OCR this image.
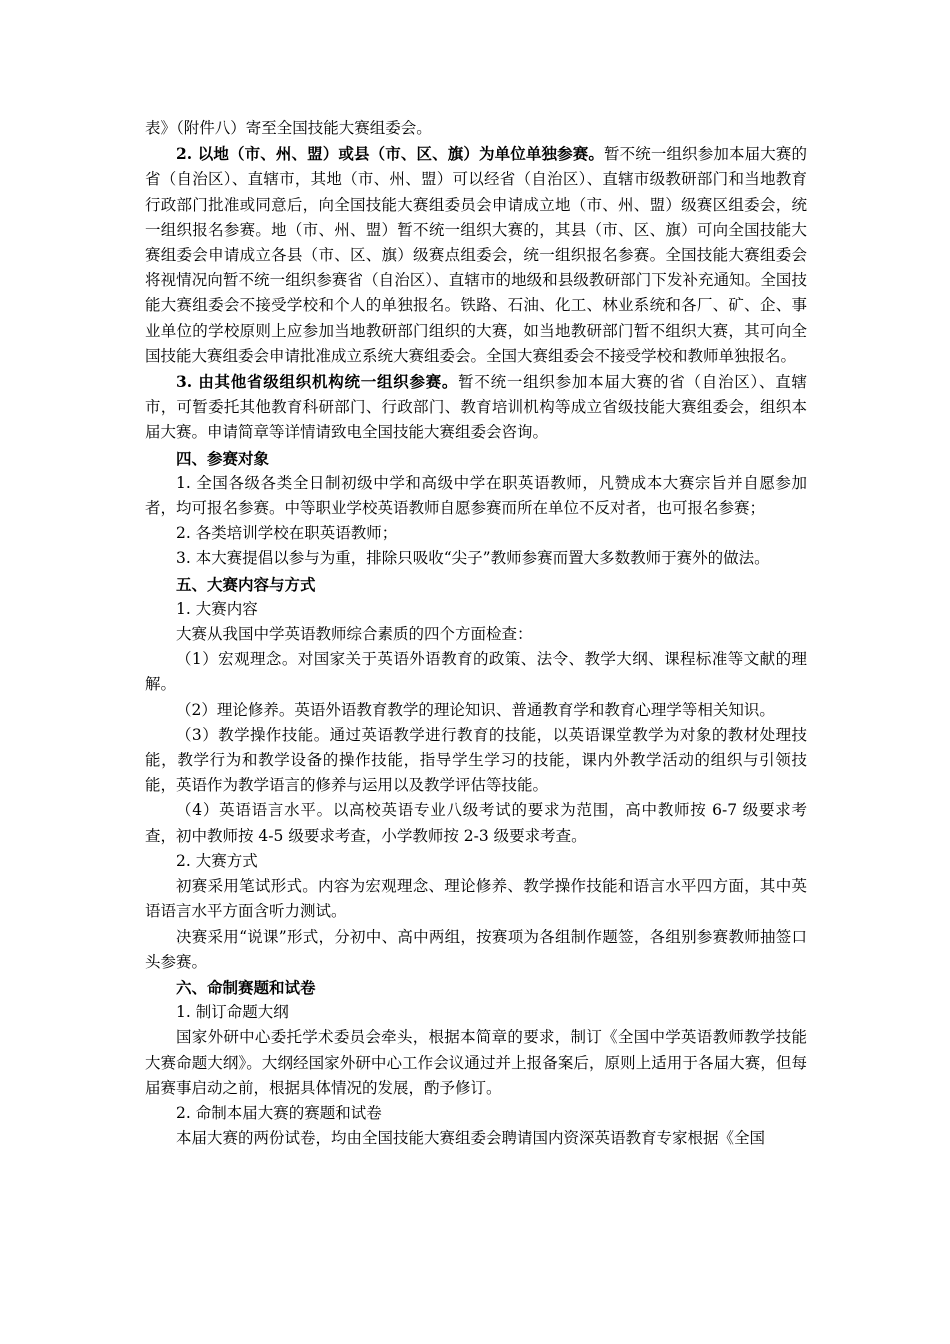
表》（附件八）寄至全国技能大赛组委会。

2. 以地（市、州、盟）或县（市、区、旗）为单位单独参赛。暂不统一组织参加本届大赛的省（自治区）、直辖市，其地（市、州、盟）可以经省（自治区）、直辖市级教研部门和当地教育行政部门批准或同意后，向全国技能大赛组委员会申请成立地（市、州、盟）级赛区组委会，统一组织报名参赛。地（市、州、盟）暂不统一组织大赛的，其县（市、区、旗）可向全国技能大赛组委会申请成立各县（市、区、旗）级赛点组委会，统一组织报名参赛。全国技能大赛组委会将视情况向暂不统一组织参赛省（自治区）、直辖市的地级和县级教研部门下发补充通知。全国技能大赛组委会不接受学校和个人的单独报名。铁路、石油、化工、林业系统和各厂、矿、企、事业单位的学校原则上应参加当地教研部门组织的大赛，如当地教研部门暂不组织大赛，其可向全国技能大赛组委会申请批准成立系统大赛组委会。全国大赛组委会不接受学校和教师单独报名。

3. 由其他省级组织机构统一组织参赛。暂不统一组织参加本届大赛的省（自治区）、直辖市，可暂委托其他教育科研部门、行政部门、教育培训机构等成立省级技能大赛组委会，组织本届大赛。申请简章等详情请致电全国技能大赛组委会咨询。

四、参赛对象

1. 全国各级各类全日制初级中学和高级中学在职英语教师，凡赞成本大赛宗旨并自愿参加者，均可报名参赛。中等职业学校英语教师自愿参赛而所在单位不反对者，也可报名参赛；

2. 各类培训学校在职英语教师；

3. 本大赛提倡以参与为重，排除只吸收“尖子”教师参赛而置大多数教师于赛外的做法。

五、大赛内容与方式

1. 大赛内容

大赛从我国中学英语教师综合素质的四个方面检查：

（1）宏观理念。对国家关于英语外语教育的政策、法令、教学大纲、课程标准等文献的理解。

（2）理论修养。英语外语教育教学的理论知识、普通教育学和教育心理学等相关知识。

（3）教学操作技能。通过英语教学进行教育的技能，以英语课堂教学为对象的教材处理技能，教学行为和教学设备的操作技能，指导学生学习的技能，课内外教学活动的组织与引领技能，英语作为教学语言的修养与运用以及教学评估等技能。

（4）英语语言水平。以高校英语专业八级考试的要求为范围，高中教师按 6-7 级要求考查，初中教师按 4-5 级要求考查，小学教师按 2-3 级要求考查。

2. 大赛方式

初赛采用笔试形式。内容为宏观理念、理论修养、教学操作技能和语言水平四方面，其中英语语言水平方面含听力测试。

决赛采用“说课”形式，分初中、高中两组，按赛项为各组制作题签，各组别参赛教师抽签口头参赛。

六、命制赛题和试卷

1. 制订命题大纲

国家外研中心委托学术委员会牵头，根据本简章的要求，制订《全国中学英语教师教学技能大赛命题大纲》。大纲经国家外研中心工作会议通过并上报备案后，原则上适用于各届大赛，但每届赛事启动之前，根据具体情况的发展，酌予修订。

2. 命制本届大赛的赛题和试卷

本届大赛的两份试卷，均由全国技能大赛组委会聘请国内资深英语教育专家根据《全国
